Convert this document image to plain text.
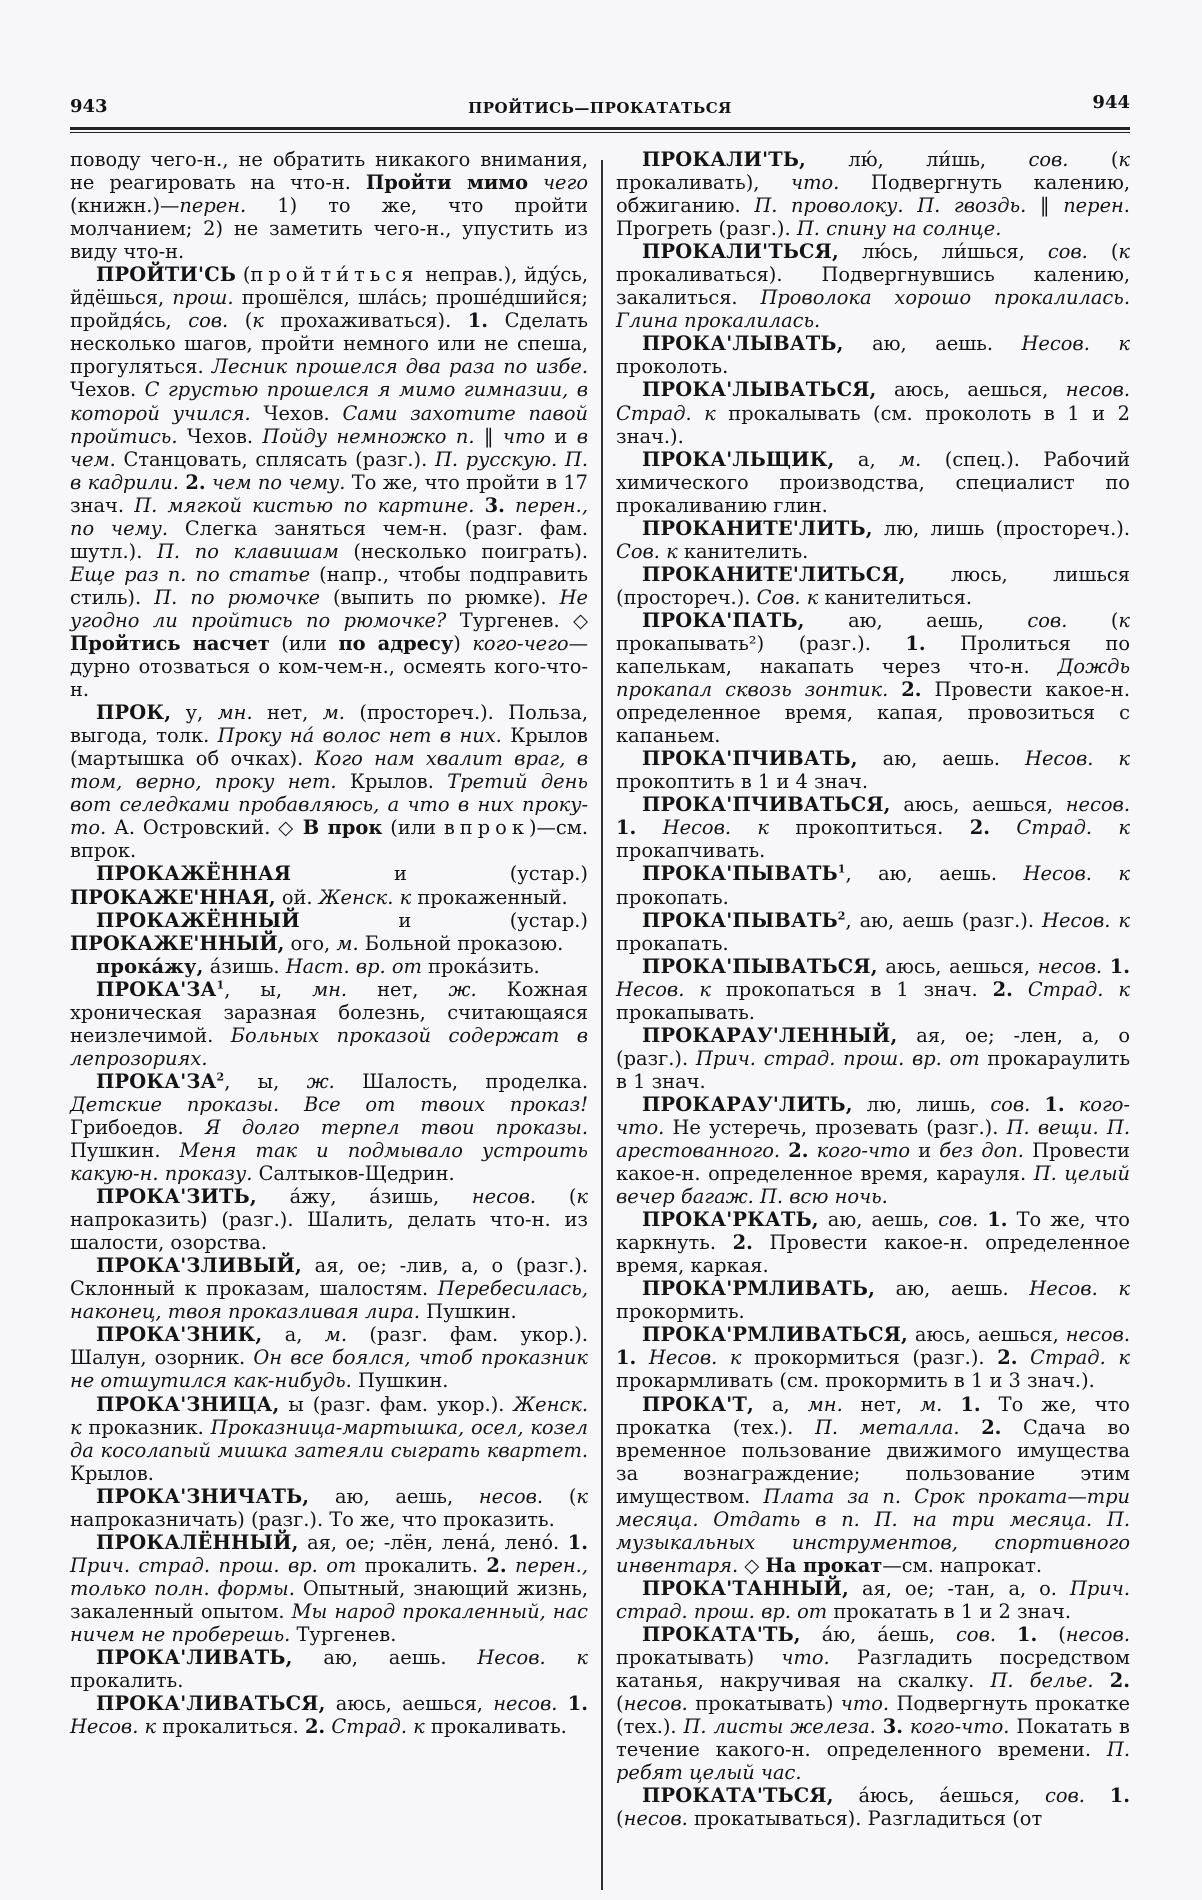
943	ПРОЙТИСЬ—ПРОКАТАТЬСЯ	944

поводу чего-н., не обратить никакого внимания, не реагировать на что-н. Пройти мимо чего (книжн.)—перен. 1) то же, что пройти молчанием; 2) не заметить чего-н., упустить из виду что-н.

ПРОЙТИ'СЬ (пройти́ться неправ.), йду́сь, йдёшься, прош. прошёлся, шла́сь; проше́дшийся; пройдя́сь, сов. (к прохаживаться). 1. Сделать несколько шагов, пройти немного или не спеша, прогуляться. Лесник прошелся два раза по избе. Чехов. С грустью прошелся я мимо гимназии, в которой учился. Чехов. Сами захотите павой пройтись. Чехов. Пойду немножко п. ‖ что и в чем. Станцовать, сплясать (разг.). П. русскую. П. в кадрили. 2. чем по чему. То же, что пройти в 17 знач. П. мягкой кистью по картине. 3. перен., по чему. Слегка заняться чем-н. (разг. фам. шутл.). П. по клавишам (несколько поиграть). Еще раз п. по статье (напр., чтобы подправить стиль). П. по рюмочке (выпить по рюмке). Не угодно ли пройтись по рюмочке? Тургенев. ◇ Пройтись насчет (или по адресу) кого-чего—дурно отозваться о ком-чем-н., осмеять кого-что-н.

ПРОК, у, мн. нет, м. (простореч.). Польза, выгода, толк. Проку на́ волос нет в них. Крылов (мартышка об очках). Кого нам хвалит враг, в том, верно, проку нет. Крылов. Третий день вот селедками пробавляюсь, а что в них проку-то. А. Островский. ◇ В прок (или впрок)—см. впрок.

ПРОКАЖЁННАЯ и (устар.) ПРОКАЖЕ'ННАЯ, ой. Женск. к прокаженный.

ПРОКАЖЁННЫЙ и (устар.) ПРОКАЖЕ'ННЫЙ, ого, м. Больной проказою.

прока́жу, а́зишь. Наст. вр. от прока́зить.

$ПРОКА'ЗА^1$, ы, мн. нет, ж. Кожная хроническая заразная болезнь, считающаяся неизлечимой. Больных проказой содержат в лепрозориях.

$ПРОКА'ЗА^2$, ы, ж. Шалость, проделка. Детские проказы. Все от твоих проказ! Грибоедов. Я долго терпел твои проказы. Пушкин. Меня так и подмывало устроить какую-н. проказу. Салтыков-Щедрин.

ПРОКА'ЗИТЬ, а́жу, а́зишь, несов. (к напроказить) (разг.). Шалить, делать что-н. из шалости, озорства.

ПРОКА'ЗЛИВЫЙ, ая, ое; -лив, а, о (разг.). Склонный к проказам, шалостям. Перебесилась, наконец, твоя проказливая лира. Пушкин.

ПРОКА'ЗНИК, а, м. (разг. фам. укор.). Шалун, озорник. Он все боялся, чтоб проказник не отшутился как-нибудь. Пушкин.

ПРОКА'ЗНИЦА, ы (разг. фам. укор.). Женск. к проказник. Проказница-мартышка, осел, козел да косолапый мишка затеяли сыграть квартет. Крылов.

ПРОКА'ЗНИЧАТЬ, аю, аешь, несов. (к напроказничать) (разг.). То же, что проказить.

ПРОКАЛЁННЫЙ, ая, ое; -лён, лена́, лено́. 1. Прич. страд. прош. вр. от прокалить. 2. перен., только полн. формы. Опытный, знающий жизнь, закаленный опытом. Мы народ прокаленный, нас ничем не проберешь. Тургенев.

ПРОКА'ЛИВАТЬ, аю, аешь. Несов. к прокалить.

ПРОКА'ЛИВАТЬСЯ, аюсь, аешься, несов. 1. Несов. к прокалиться. 2. Страд. к прокаливать.

ПРОКАЛИ'ТЬ, лю́, ли́шь, сов. (к прокаливать), что. Подвергнуть калению, обжиганию. П. проволоку. П. гвоздь. ‖ перен. Прогреть (разг.). П. спину на солнце.

ПРОКАЛИ'ТЬСЯ, лю́сь, ли́шься, сов. (к прокаливаться). Подвергнувшись калению, закалиться. Проволока хорошо прокалилась. Глина прокалилась.

ПРОКА'ЛЫВАТЬ, аю, аешь. Несов. к проколоть.

ПРОКА'ЛЫВАТЬСЯ, аюсь, аешься, несов. Страд. к прокалывать (см. проколоть в 1 и 2 знач.).

ПРОКА'ЛЬЩИК, а, м. (спец.). Рабочий химического производства, специалист по прокаливанию глин.

ПРОКАНИТЕ'ЛИТЬ, лю, лишь (простореч.). Сов. к канителить.

ПРОКАНИТЕ'ЛИТЬСЯ, люсь, лишься (простореч.). Сов. к канителиться.

ПРОКА'ПАТЬ, аю, аешь, сов. (к прокапывать²) (разг.). 1. Пролиться по капелькам, накапать через что-н. Дождь прокапал сквозь зонтик. 2. Провести какое-н. определенное время, капая, провозиться с капаньем.

ПРОКА'ПЧИВАТЬ, аю, аешь. Несов. к прокоптить в 1 и 4 знач.

ПРОКА'ПЧИВАТЬСЯ, аюсь, аешься, несов. 1. Несов. к прокоптиться. 2. Страд. к прокапчивать.

ПРОКА'ПЫВАТЬ$^1$, аю, аешь. Несов. к прокопать.

ПРОКА'ПЫВАТЬ$^2$, аю, аешь (разг.). Несов. к прокапать.

ПРОКА'ПЫВАТЬСЯ, аюсь, аешься, несов. 1. Несов. к прокопаться в 1 знач. 2. Страд. к прокапывать.

ПРОКАРАУ'ЛЕННЫЙ, ая, ое; -лен, а, о (разг.). Прич. страд. прош. вр. от прокараулить в 1 знач.

ПРОКАРАУ'ЛИТЬ, лю, лишь, сов. 1. кого-что. Не устеречь, прозевать (разг.). П. вещи. П. арестованного. 2. кого-что и без доп. Провести какое-н. определенное время, карауля. П. целый вечер багаж. П. всю ночь.

ПРОКА'РКАТЬ, аю, аешь, сов. 1. То же, что каркнуть. 2. Провести какое-н. определенное время, каркая.

ПРОКА'РМЛИВАТЬ, аю, аешь. Несов. к прокормить.

ПРОКА'РМЛИВАТЬСЯ, аюсь, аешься, несов. 1. Несов. к прокормиться (разг.). 2. Страд. к прокармливать (см. прокормить в 1 и 3 знач.).

ПРОКА'Т, а, мн. нет, м. 1. То же, что прокатка (тех.). П. металла. 2. Сдача во временное пользование движимого имущества за вознаграждение; пользование этим имуществом. Плата за п. Срок проката—три месяца. Отдать в п. П. на три месяца. П. музыкальных инструментов, спортивного инвентаря. ◇ На прокат—см. напрокат.

ПРОКА'ТАННЫЙ, ая, ое; -тан, а, о. Прич. страд. прош. вр. от прокатать в 1 и 2 знач.

ПРОКАТА'ТЬ, а́ю, а́ешь, сов. 1. (несов. прокатывать) что. Разгладить посредством катанья, накручивая на скалку. П. белье. 2. (несов. прокатывать) что. Подвергнуть прокатке (тех.). П. листы железа. 3. кого-что. Покатать в течение какого-н. определенного времени. П. ребят целый час.

ПРОКАТА'ТЬСЯ, а́юсь, а́ешься, сов. 1. (несов. прокатываться). Разгладиться (от
